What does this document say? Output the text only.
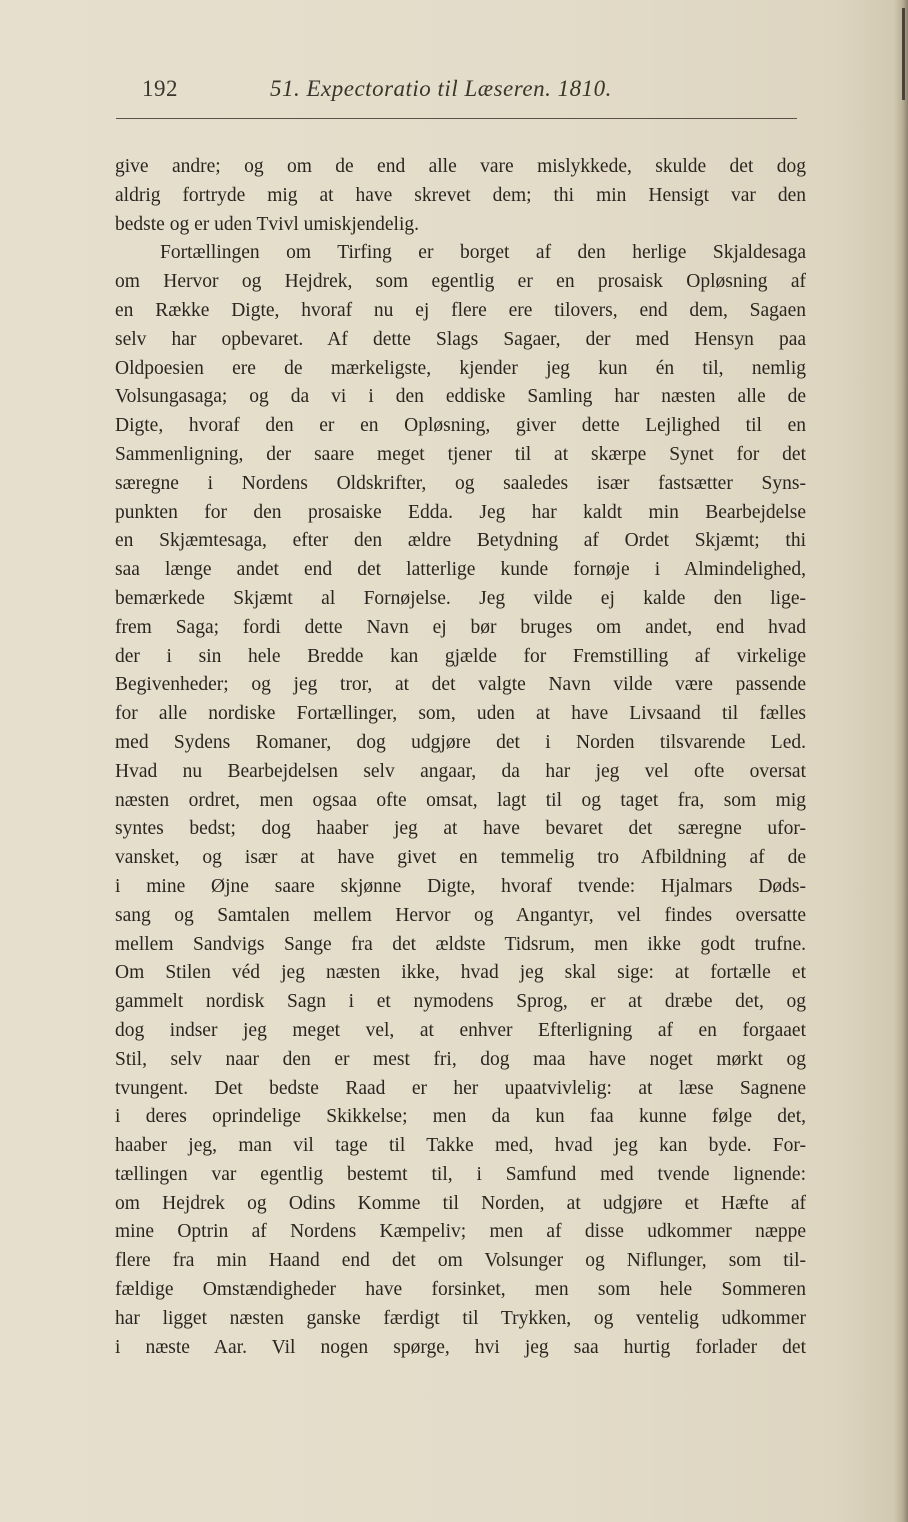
192	51. Expectoratio til Læseren. 1810.
give andre; og om de end alle vare mislykkede, skulde det dog
aldrig fortryde mig at have skrevet dem; thi min Hensigt var den
bedste og er uden Tvivl umiskjendelig.
Fortællingen om Tirfing er borget af den herlige Skjaldesaga
om Hervor og Hejdrek, som egentlig er en prosaisk Opløsning af
en Række Digte, hvoraf nu ej flere ere tilovers, end dem, Sagaen
selv har opbevaret. Af dette Slags Sagaer, der med Hensyn paa
Oldpoesien ere de mærkeligste, kjender jeg kun én til, nemlig
Volsungasaga; og da vi i den eddiske Samling har næsten alle de
Digte, hvoraf den er en Opløsning, giver dette Lejlighed til en
Sammenligning, der saare meget tjener til at skærpe Synet for det
særegne i Nordens Oldskrifter, og saaledes især fastsætter Syns-
punkten for den prosaiske Edda. Jeg har kaldt min Bearbejdelse
en Skjæmtesaga, efter den ældre Betydning af Ordet Skjæmt; thi
saa længe andet end det latterlige kunde fornøje i Almindelighed,
bemærkede Skjæmt al Fornøjelse. Jeg vilde ej kalde den lige-
frem Saga; fordi dette Navn ej bør bruges om andet, end hvad
der i sin hele Bredde kan gjælde for Fremstilling af virkelige
Begivenheder; og jeg tror, at det valgte Navn vilde være passende
for alle nordiske Fortællinger, som, uden at have Livsaand til fælles
med Sydens Romaner, dog udgjøre det i Norden tilsvarende Led.
Hvad nu Bearbejdelsen selv angaar, da har jeg vel ofte oversat
næsten ordret, men ogsaa ofte omsat, lagt til og taget fra, som mig
syntes bedst; dog haaber jeg at have bevaret det særegne ufor-
vansket, og især at have givet en temmelig tro Afbildning af de
i mine Øjne saare skjønne Digte, hvoraf tvende: Hjalmars Døds-
sang og Samtalen mellem Hervor og Angantyr, vel findes oversatte
mellem Sandvigs Sange fra det ældste Tidsrum, men ikke godt trufne.
Om Stilen véd jeg næsten ikke, hvad jeg skal sige: at fortælle et
gammelt nordisk Sagn i et nymodens Sprog, er at dræbe det, og
dog indser jeg meget vel, at enhver Efterligning af en forgaaet
Stil, selv naar den er mest fri, dog maa have noget mørkt og
tvungent. Det bedste Raad er her upaatvivlelig: at læse Sagnene
i deres oprindelige Skikkelse; men da kun faa kunne følge det,
haaber jeg, man vil tage til Takke med, hvad jeg kan byde. For-
tællingen var egentlig bestemt til, i Samfund med tvende lignende:
om Hejdrek og Odins Komme til Norden, at udgjøre et Hæfte af
mine Optrin af Nordens Kæmpeliv; men af disse udkommer næppe
flere fra min Haand end det om Volsunger og Niflunger, som til-
fældige Omstændigheder have forsinket, men som hele Sommeren
har ligget næsten ganske færdigt til Trykken, og ventelig udkommer
i næste Aar. Vil nogen spørge, hvi jeg saa hurtig forlader det
